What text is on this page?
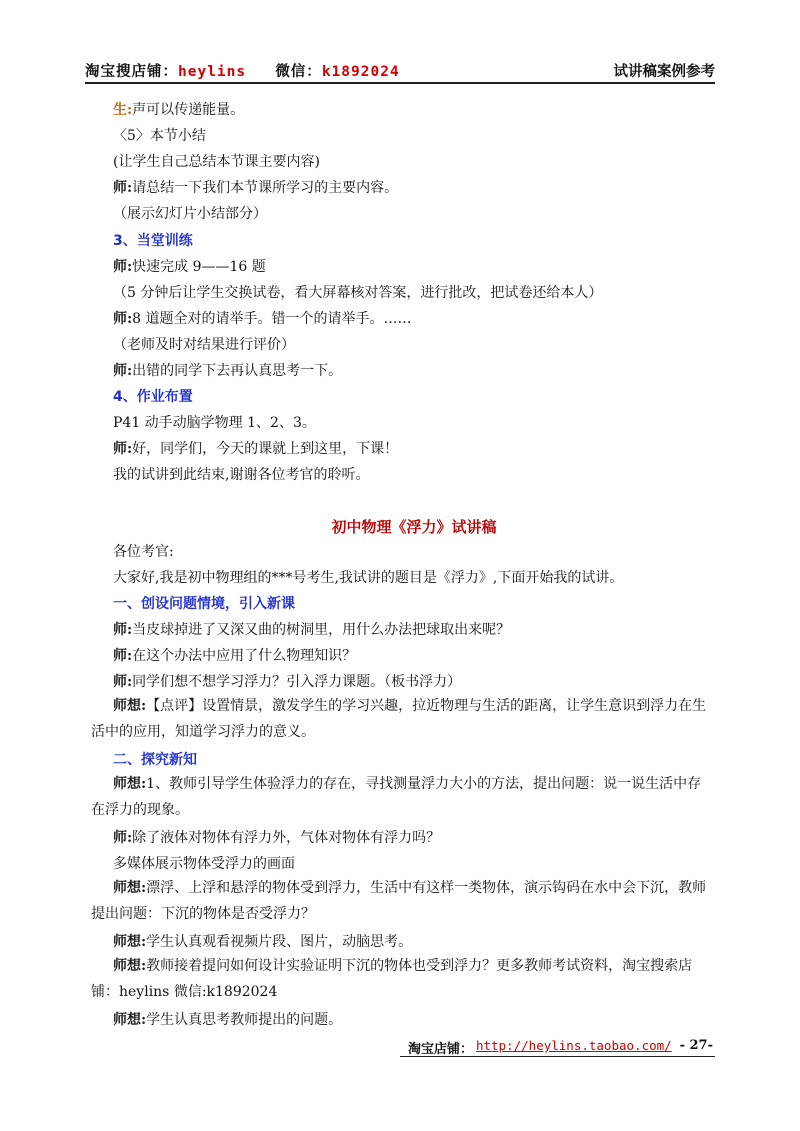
淘宝搜店铺：heylins 微信：k1892024	试讲稿案例参考
生:声可以传递能量。
〈5〉本节小结
(让学生自己总结本节课主要内容)
师:请总结一下我们本节课所学习的主要内容。
（展示幻灯片小结部分）
3、当堂训练
师:快速完成 9——16 题
（5 分钟后让学生交换试卷，看大屏幕核对答案，进行批改，把试卷还给本人）
师:8 道题全对的请举手。错一个的请举手。……
（老师及时对结果进行评价）
师:出错的同学下去再认真思考一下。
4、作业布置
P41 动手动脑学物理 1、2、3。
师:好，同学们，今天的课就上到这里，下课！
我的试讲到此结束,谢谢各位考官的聆听。
初中物理《浮力》试讲稿
各位考官:
大家好,我是初中物理组的***号考生,我试讲的题目是《浮力》,下面开始我的试讲。
一、创设问题情境，引入新课
师:当皮球掉进了又深又曲的树洞里，用什么办法把球取出来呢？
师:在这个办法中应用了什么物理知识？
师:同学们想不想学习浮力？引入浮力课题。（板书浮力）
师想:【点评】设置情景，激发学生的学习兴趣，拉近物理与生活的距离，让学生意识到浮力在生活中的应用，知道学习浮力的意义。
二、探究新知
师想:1、教师引导学生体验浮力的存在，寻找测量浮力大小的方法，提出问题：说一说生活中存在浮力的现象。
师:除了液体对物体有浮力外，气体对物体有浮力吗？
多媒体展示物体受浮力的画面
师想:漂浮、上浮和悬浮的物体受到浮力，生活中有这样一类物体，演示钩码在水中会下沉，教师提出问题：下沉的物体是否受浮力？
师想:学生认真观看视频片段、图片，动脑思考。
师想:教师接着提问如何设计实验证明下沉的物体也受到浮力？更多教师考试资料，淘宝搜索店铺：heylins 微信:k1892024
师想:学生认真思考教师提出的问题。
淘宝店铺： http://heylins.taobao.com/ - 27-
